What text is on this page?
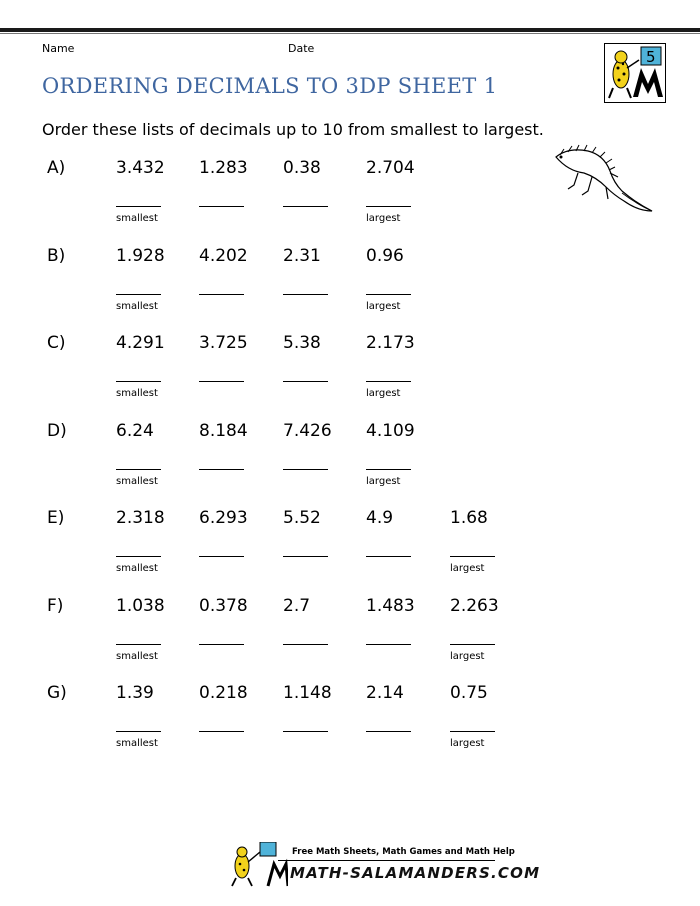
Name	Date
ORDERING DECIMALS TO 3DP SHEET 1
5
Order these lists of decimals up to 10 from smallest to largest.
A)	3.432 1.283 0.38	2.704
smallest	largest
B)	1.928 4.202 2.31	0.96
smallest	largest
C)	4.291 3.725 5.38	2.173
smallest	largest
D)	6.24	8.184 7.426 4.109
smallest	largest
E)	2.318 6.293 5.52	4.9	1.68
smallest	largest
F)	1.038 0.378 2.7	1.483 2.263
smallest	largest
G)	1.39	0.218 1.148 2.14	0.75
smallest	largest
Free Math Sheets, Math Games and Math Help
MATH-SALAMANDERS.COM
